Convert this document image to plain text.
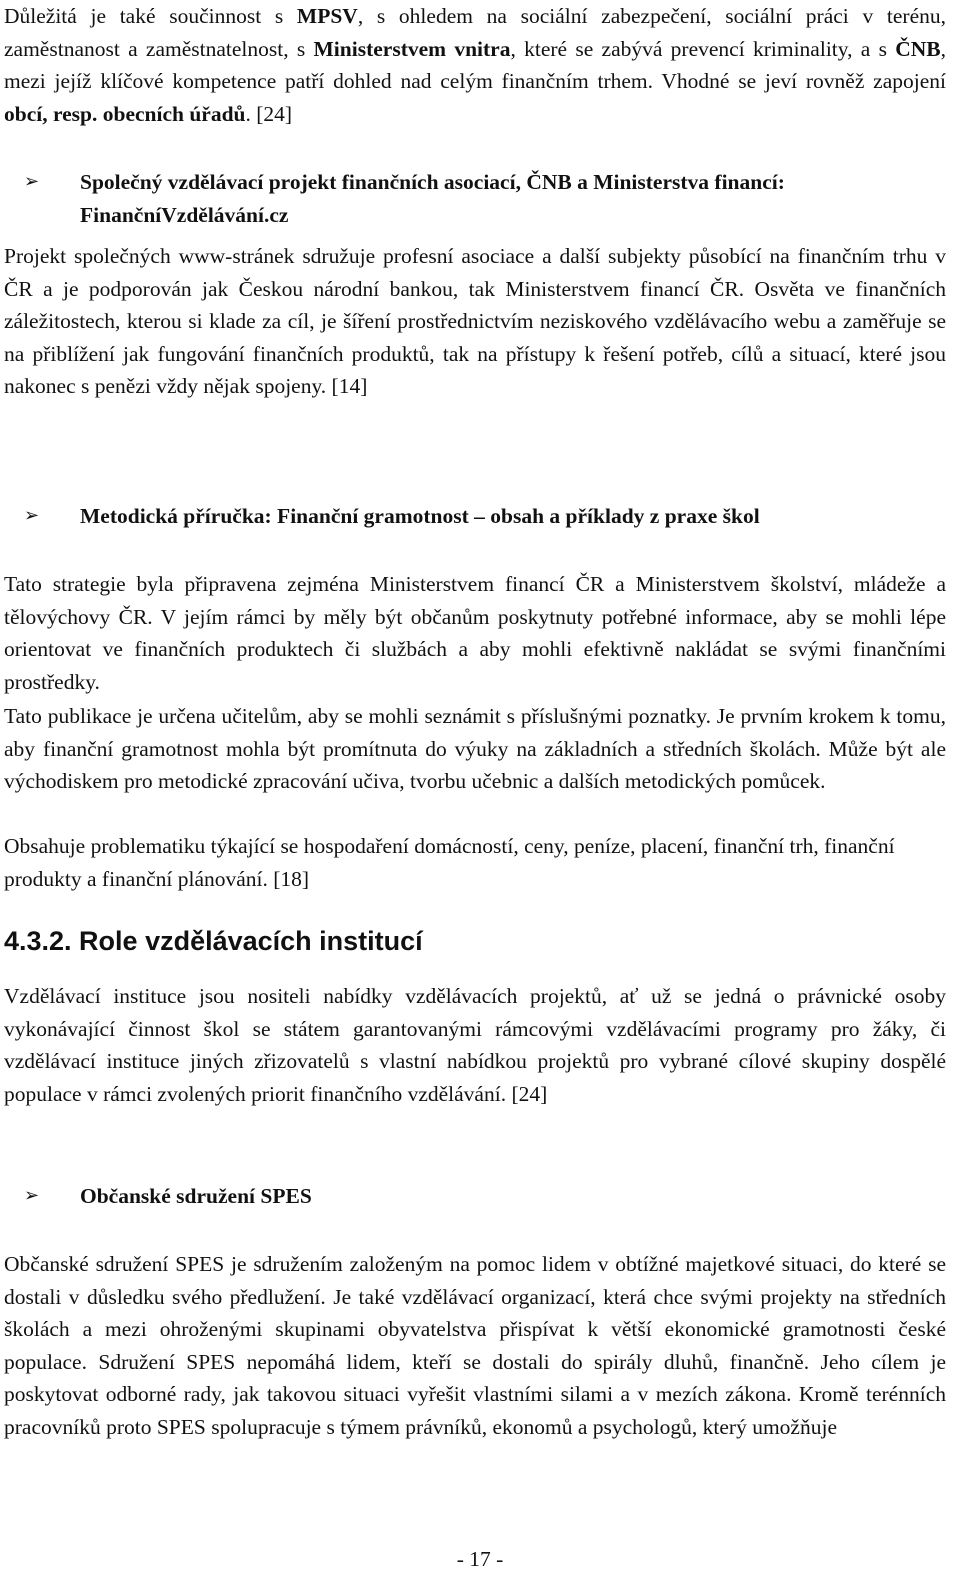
Důležitá je také součinnost s MPSV, s ohledem na sociální zabezpečení, sociální práci v terénu, zaměstnanost a zaměstnatelnost, s Ministerstvem vnitra, které se zabývá prevencí kriminality, a s ČNB, mezi jejíž klíčové kompetence patří dohled nad celým finančním trhem. Vhodné se jeví rovněž zapojení obcí, resp. obecních úřadů. [24]

➢ Společný vzdělávací projekt finančních asociací, ČNB a Ministerstva financí: FinančníVzdělávání.cz

Projekt společných www-stránek sdružuje profesní asociace a další subjekty působící na finančním trhu v ČR a je podporován jak Českou národní bankou, tak Ministerstvem financí ČR. Osvěta ve finančních záležitostech, kterou si klade za cíl, je šíření prostřednictvím neziskového vzdělávacího webu a zaměřuje se na přiblížení jak fungování finančních produktů, tak na přístupy k řešení potřeb, cílů a situací, které jsou nakonec s penězi vždy nějak spojeny. [14]

➢ Metodická příručka: Finanční gramotnost – obsah a příklady z praxe škol

Tato strategie byla připravena zejména Ministerstvem financí ČR a Ministerstvem školství, mládeže a tělovýchovy ČR. V jejím rámci by měly být občanům poskytnuty potřebné informace, aby se mohli lépe orientovat ve finančních produktech či službách a aby mohli efektivně nakládat se svými finančními prostředky.

Tato publikace je určena učitelům, aby se mohli seznámit s příslušnými poznatky. Je prvním krokem k tomu, aby finanční gramotnost mohla být promítnuta do výuky na základních a středních školách. Může být ale východiskem pro metodické zpracování učiva, tvorbu učebnic a dalších metodických pomůcek.

Obsahuje problematiku týkající se hospodaření domácností, ceny, peníze, placení, finanční trh, finanční produkty a finanční plánování. [18]

4.3.2. Role vzdělávacích institucí

Vzdělávací instituce jsou nositeli nabídky vzdělávacích projektů, ať už se jedná o právnické osoby vykonávající činnost škol se státem garantovanými rámcovými vzdělávacími programy pro žáky, či vzdělávací instituce jiných zřizovatelů s vlastní nabídkou projektů pro vybrané cílové skupiny dospělé populace v rámci zvolených priorit finančního vzdělávání. [24]

➢ Občanské sdružení SPES

Občanské sdružení SPES je sdružením založeným na pomoc lidem v obtížné majetkové situaci, do které se dostali v důsledku svého předlužení. Je také vzdělávací organizací, která chce svými projekty na středních školách a mezi ohroženými skupinami obyvatelstva přispívat k větší ekonomické gramotnosti české populace. Sdružení SPES nepomáhá lidem, kteří se dostali do spirály dluhů, finančně. Jeho cílem je poskytovat odborné rady, jak takovou situaci vyřešit vlastními silami a v mezích zákona. Kromě terénních pracovníků proto SPES spolupracuje s týmem právníků, ekonomů a psychologů, který umožňuje

- 17 -
